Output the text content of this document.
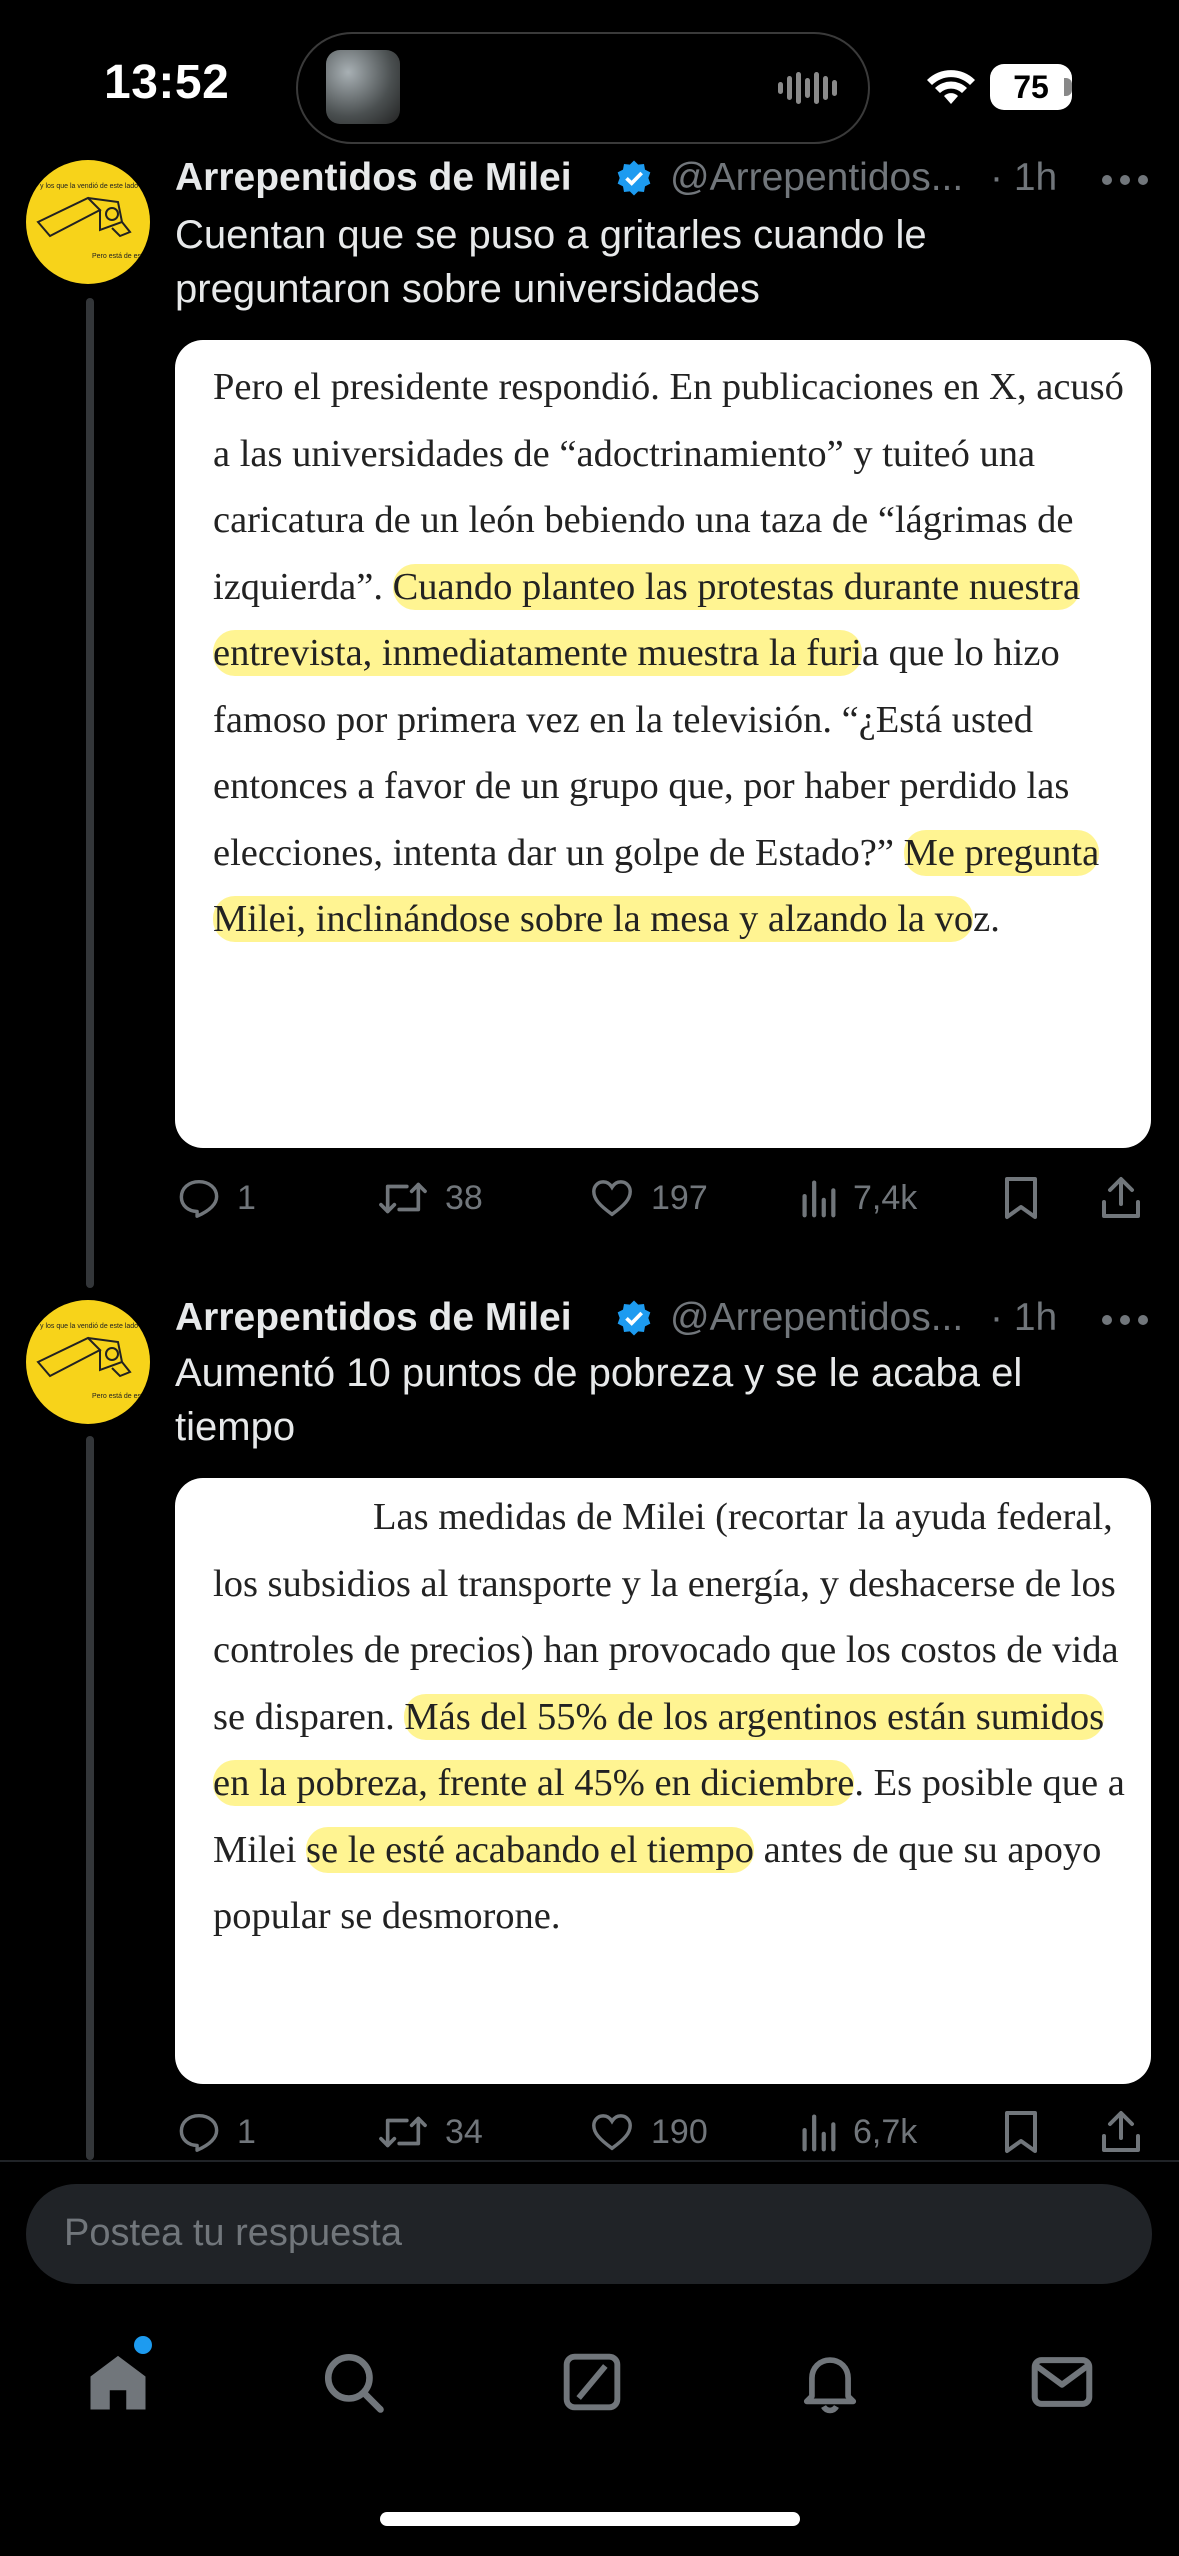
13:52	75
y los que la vendió de este lado
Pero está de este
Arrepentidos de Milei	@Arrepentidos... · 1h
Cuentan que se puso a gritarles cuando le preguntaron sobre universidades
Pero el presidente respondió. En publicaciones en X, acusó a las universidades de “adoctrinamiento” y tuiteó una caricatura de un león bebiendo una taza de “lágrimas de izquierda”. Cuando planteo las protestas durante nuestra entrevista, inmediatamente muestra la furia que lo hizo famoso por primera vez en la televisión. “¿Está usted entonces a favor de un grupo que, por haber perdido las elecciones, intenta dar un golpe de Estado?” Me pregunta Milei, inclinándose sobre la mesa y alzando la voz.
1	38	197	7,4k
y los que la vendió de este lado
Pero está de este
Arrepentidos de Milei	@Arrepentidos... · 1h
Aumentó 10 puntos de pobreza y se le acaba el tiempo
Las medidas de Milei (recortar la ayuda federal, los subsidios al transporte y la energía, y deshacerse de los controles de precios) han provocado que los costos de vida se disparen. Más del 55% de los argentinos están sumidos en la pobreza, frente al 45% en diciembre. Es posible que a Milei se le esté acabando el tiempo antes de que su apoyo popular se desmorone.
1	34	190	6,7k
Postea tu respuesta
